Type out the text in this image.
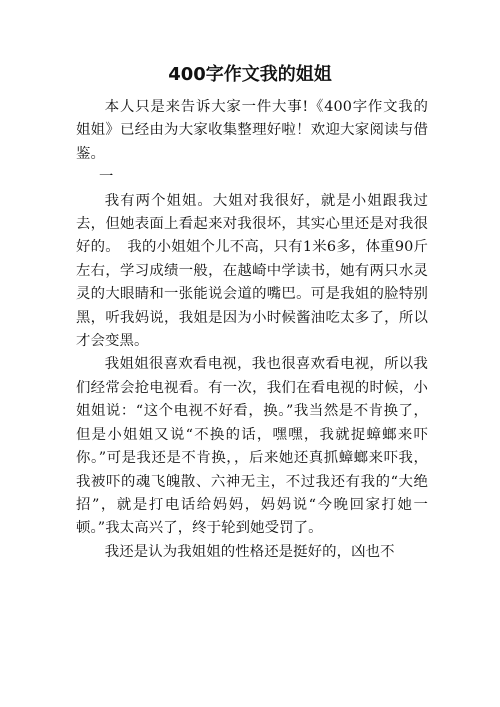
400字作文我的姐姐

本人只是来告诉大家一件大事!《400字作文我的姐姐》已经由为大家收集整理好啦！欢迎大家阅读与借鉴。

一

我有两个姐姐。大姐对我很好，就是小姐跟我过去，但她表面上看起来对我很坏，其实心里还是对我很好的。　我的小姐姐个儿不高，只有1米6多，体重90斤左右，学习成绩一般，在越崎中学读书，她有两只水灵灵的大眼睛和一张能说会道的嘴巴。可是我姐的脸特别黑，听我妈说，我姐是因为小时候酱油吃太多了，所以才会变黑。

我姐姐很喜欢看电视，我也很喜欢看电视，所以我们经常会抢电视看。有一次，我们在看电视的时候，小姐姐说：“这个电视不好看，换。”我当然是不肯换了，但是小姐姐又说“不换的话，嘿嘿，我就捉蟑螂来吓你。”可是我还是不肯换，，后来她还真抓蟑螂来吓我，我被吓的魂飞魄散、六神无主，不过我还有我的“大绝招”，就是打电话给妈妈，妈妈说“今晚回家打她一顿。”我太高兴了，终于轮到她受罚了。

我还是认为我姐姐的性格还是挺好的，凶也不
